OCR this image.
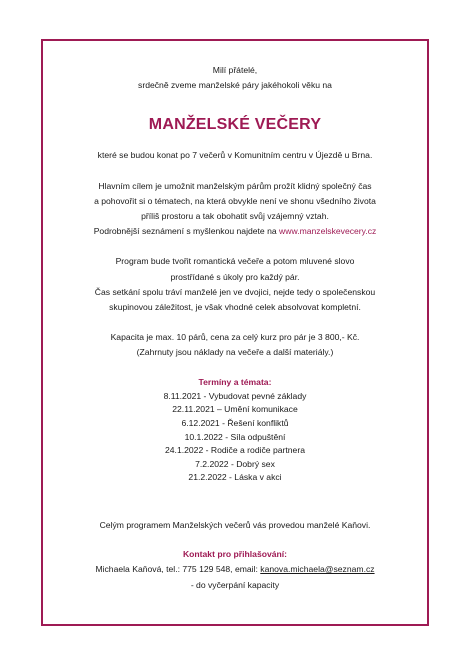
Milí přátelé,
srdečně zveme manželské páry jakéhokoli věku na
MANŽELSKÉ VEČERY
které se budou konat po 7 večerů v Komunitním centru v Újezdě u Brna.
Hlavním cílem je umožnit manželským párům prožít klidný společný čas
a pohovořit si o tématech, na která obvykle není ve shonu všedního života
příliš prostoru a tak obohatit svůj vzájemný vztah.
Podrobnější seznámení s myšlenkou najdete na www.manzelskevecery.cz
Program bude tvořit romantická večeře a potom mluvené slovo
prostřídané s úkoly pro každý pár.
Čas setkání spolu tráví manželé jen ve dvojici, nejde tedy o společenskou
skupinovou záležitost, je však vhodné celek absolvovat kompletní.
Kapacita je max. 10 párů, cena za celý kurz pro pár je 3 800,- Kč.
(Zahrnuty jsou náklady na večeře a další materiály.)
Termíny a témata:
8.11.2021 - Vybudovat pevné základy
22.11.2021 – Umění komunikace
6.12.2021 - Řešení konfliktů
10.1.2022 - Síla odpuštění
24.1.2022 - Rodiče a rodiče partnera
7.2.2022 - Dobrý sex
21.2.2022 - Láska v akci
Celým programem Manželských večerů vás provedou manželé Kaňovi.
Kontakt pro přihlašování:
Michaela Kaňová, tel.: 775 129 548, email: kanova.michaela@seznam.cz
- do vyčerpání kapacity
